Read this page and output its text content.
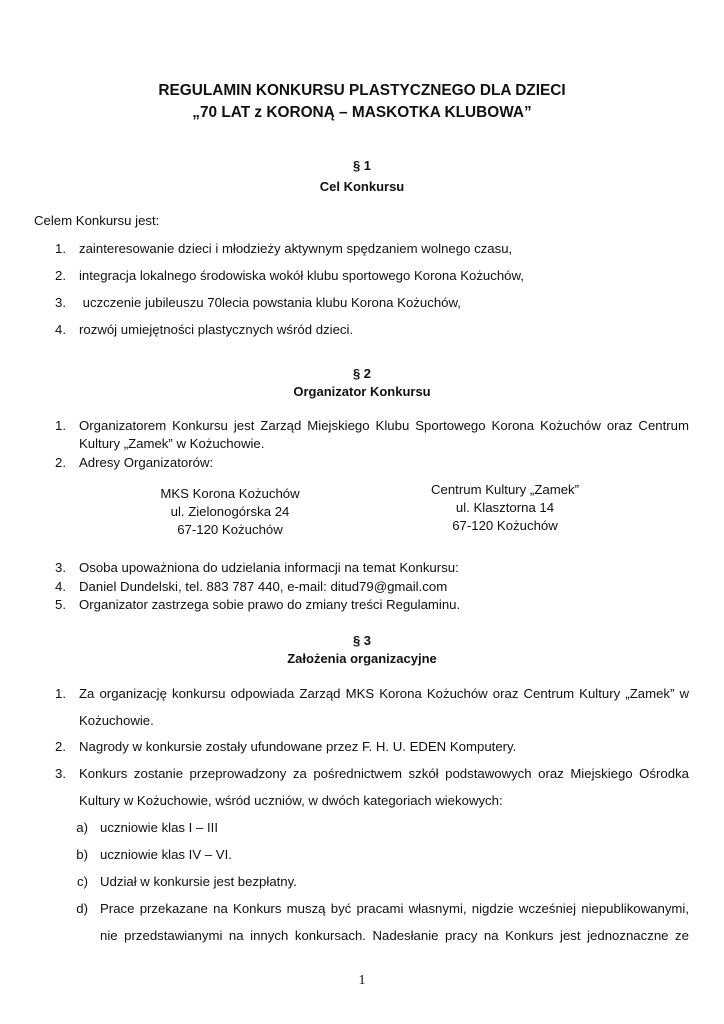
REGULAMIN KONKURSU PLASTYCZNEGO DLA DZIECI
„70 LAT z KORONĄ – MASKOTKA KLUBOWA”
§ 1
Cel Konkursu
Celem Konkursu jest:
1. zainteresowanie dzieci i młodzieży aktywnym spędzaniem wolnego czasu,
2. integracja lokalnego środowiska wokół klubu sportowego Korona Kożuchów,
3. uczczenie jubileuszu 70lecia powstania klubu Korona Kożuchów,
4. rozwój umiejętności plastycznych wśród dzieci.
§ 2
Organizator Konkursu
1. Organizatorem Konkursu jest Zarząd Miejskiego Klubu Sportowego Korona Kożuchów oraz Centrum
Kultury „Zamek” w Kożuchowie.
2. Adresy Organizatorów:
MKS Korona Kożuchów
ul. Zielonogórska 24
67-120 Kożuchów
Centrum Kultury „Zamek”
ul. Klasztorna 14
67-120 Kożuchów
3. Osoba upoważniona do udzielania informacji na temat Konkursu:
4. Daniel Dundelski, tel. 883 787 440, e-mail: ditud79@gmail.com
5. Organizator zastrzega sobie prawo do zmiany treści Regulaminu.
§ 3
Założenia organizacyjne
1. Za organizację konkursu odpowiada Zarząd MKS Korona Kożuchów oraz Centrum Kultury „Zamek” w
Kożuchowie.
2. Nagrody w konkursie zostały ufundowane przez F. H. U. EDEN Komputery.
3. Konkurs zostanie przeprowadzony za pośrednictwem szkół podstawowych oraz Miejskiego Ośrodka
Kultury w Kożuchowie, wśród uczniów, w dwóch kategoriach wiekowych:
a) uczniowie klas I – III
b) uczniowie klas IV – VI.
c) Udział w konkursie jest bezpłatny.
d) Prace przekazane na Konkurs muszą być pracami własnymi, nigdzie wcześniej niepublikowanymi,
nie przedstawianymi na innych konkursach. Nadesłanie pracy na Konkurs jest jednoznaczne ze
1
